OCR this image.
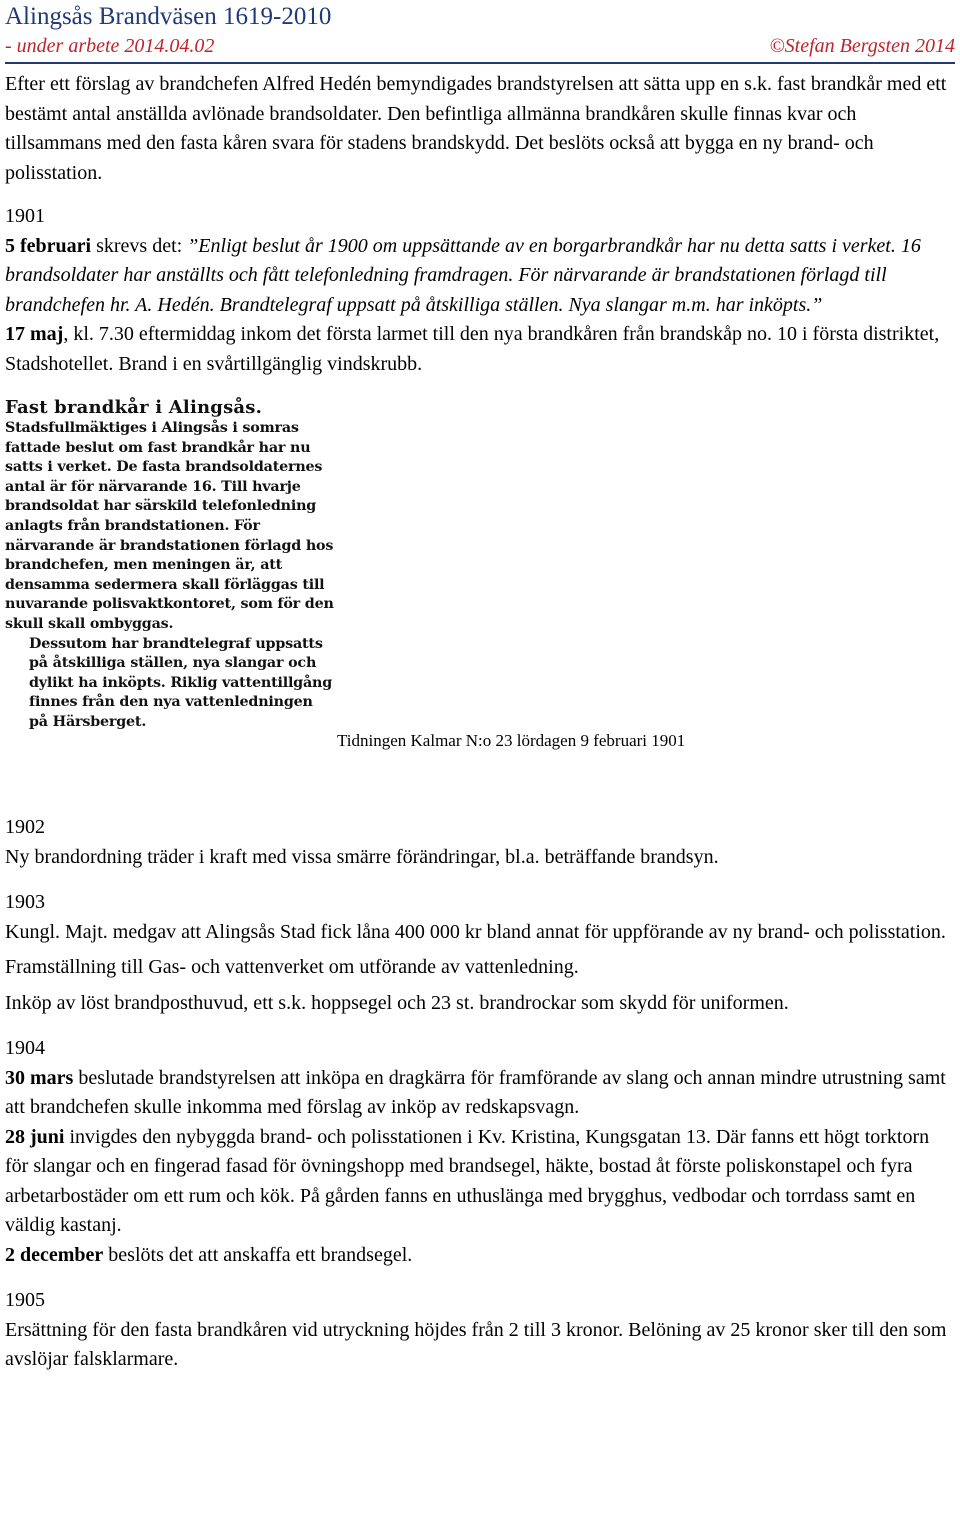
Alingsås Brandväsen 1619-2010
- under arbete 2014.04.02	©Stefan Bergsten 2014

Efter ett förslag av brandchefen Alfred Hedén bemyndigades brandstyrelsen att sätta upp en s.k. fast brandkår med ett bestämt antal anställda avlönade brandsoldater. Den befintliga allmänna brandkåren skulle finnas kvar och tillsammans med den fasta kåren svara för stadens brandskydd. Det beslöts också att bygga en ny brand- och polisstation.

1901

5 februari skrevs det: ”Enligt beslut år 1900 om uppsättande av en borgarbrandkår har nu detta satts i verket. 16 brandsoldater har anställts och fått telefonledning framdragen. För närvarande är brandstationen förlagd till brandchefen hr. A. Hedén. Brandtelegraf uppsatt på åtskilliga ställen. Nya slangar m.m. har inköpts.”

17 maj, kl. 7.30 eftermiddag inkom det första larmet till den nya brandkåren från brandskåp no. 10 i första distriktet, Stadshotellet. Brand i en svårtillgänglig vindskrubb.

Fast brandkår i Alingsås.
Stadsfullmäktiges i Alingsås i somras fattade beslut om fast brandkår har nu satts i verket. De fasta brandsoldaternes antal är för närvarande 16. Till hvarje brandsoldat har särskild telefonledning anlagts från brandstationen. För närvarande är brandstationen förlagd hos brandchefen, men meningen är, att densamma sedermera skall förläggas till nuvarande polisvaktkontoret, som för den skull skall ombyggas.
Dessutom har brandtelegraf uppsatts på åtskilliga ställen, nya slangar och dylikt ha inköpts. Riklig vattentillgång finnes från den nya vattenledningen på Härsberget.
Tidningen Kalmar N:o 23 lördagen 9 februari 1901
1902

Ny brandordning träder i kraft med vissa smärre förändringar, bl.a. beträffande brandsyn.

1903

Kungl. Majt. medgav att Alingsås Stad fick låna 400 000 kr bland annat för uppförande av ny brand- och polisstation.

Framställning till Gas- och vattenverket om utförande av vattenledning.

Inköp av löst brandposthuvud, ett s.k. hoppsegel och 23 st. brandrockar som skydd för uniformen.

1904

30 mars beslutade brandstyrelsen att inköpa en dragkärra för framförande av slang och annan mindre utrustning samt att brandchefen skulle inkomma med förslag av inköp av redskapsvagn.

28 juni invigdes den nybyggda brand- och polisstationen i Kv. Kristina, Kungsgatan 13. Där fanns ett högt torktorn för slangar och en fingerad fasad för övningshopp med brandsegel, häkte, bostad åt förste poliskonstapel och fyra arbetarbostäder om ett rum och kök. På gården fanns en uthuslänga med brygghus, vedbodar och torrdass samt en väldig kastanj.

2 december beslöts det att anskaffa ett brandsegel.

1905

Ersättning för den fasta brandkåren vid utryckning höjdes från 2 till 3 kronor. Belöning av 25 kronor sker till den som avslöjar falsklarmare.
